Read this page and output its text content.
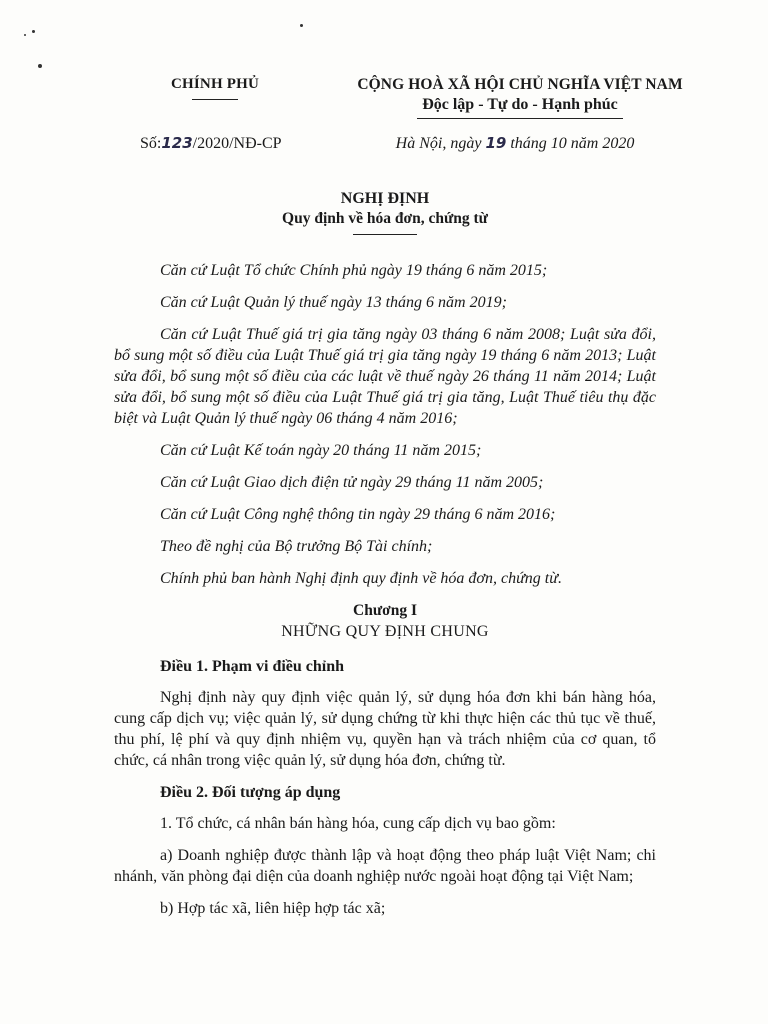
CHÍNH PHỦ	CỘNG HOÀ XÃ HỘI CHỦ NGHĨA VIỆT NAM
Độc lập - Tự do - Hạnh phúc
Số:123/2020/NĐ-CP	Hà Nội, ngày 19 tháng 10 năm 2020
NGHỊ ĐỊNH
Quy định về hóa đơn, chứng từ
Căn cứ Luật Tổ chức Chính phủ ngày 19 tháng 6 năm 2015;
Căn cứ Luật Quản lý thuế ngày 13 tháng 6 năm 2019;
Căn cứ Luật Thuế giá trị gia tăng ngày 03 tháng 6 năm 2008; Luật sửa đổi, bổ sung một số điều của Luật Thuế giá trị gia tăng ngày 19 tháng 6 năm 2013; Luật sửa đổi, bổ sung một số điều của các luật về thuế ngày 26 tháng 11 năm 2014; Luật sửa đổi, bổ sung một số điều của Luật Thuế giá trị gia tăng, Luật Thuế tiêu thụ đặc biệt và Luật Quản lý thuế ngày 06 tháng 4 năm 2016;
Căn cứ Luật Kế toán ngày 20 tháng 11 năm 2015;
Căn cứ Luật Giao dịch điện tử ngày 29 tháng 11 năm 2005;
Căn cứ Luật Công nghệ thông tin ngày 29 tháng 6 năm 2016;
Theo đề nghị của Bộ trưởng Bộ Tài chính;
Chính phủ ban hành Nghị định quy định về hóa đơn, chứng từ.
Chương I
NHỮNG QUY ĐỊNH CHUNG
Điều 1. Phạm vi điều chỉnh

Nghị định này quy định việc quản lý, sử dụng hóa đơn khi bán hàng hóa, cung cấp dịch vụ; việc quản lý, sử dụng chứng từ khi thực hiện các thủ tục về thuế, thu phí, lệ phí và quy định nhiệm vụ, quyền hạn và trách nhiệm của cơ quan, tổ chức, cá nhân trong việc quản lý, sử dụng hóa đơn, chứng từ.

Điều 2. Đối tượng áp dụng

1. Tổ chức, cá nhân bán hàng hóa, cung cấp dịch vụ bao gồm:

a) Doanh nghiệp được thành lập và hoạt động theo pháp luật Việt Nam; chi nhánh, văn phòng đại diện của doanh nghiệp nước ngoài hoạt động tại Việt Nam;

b) Hợp tác xã, liên hiệp hợp tác xã;
